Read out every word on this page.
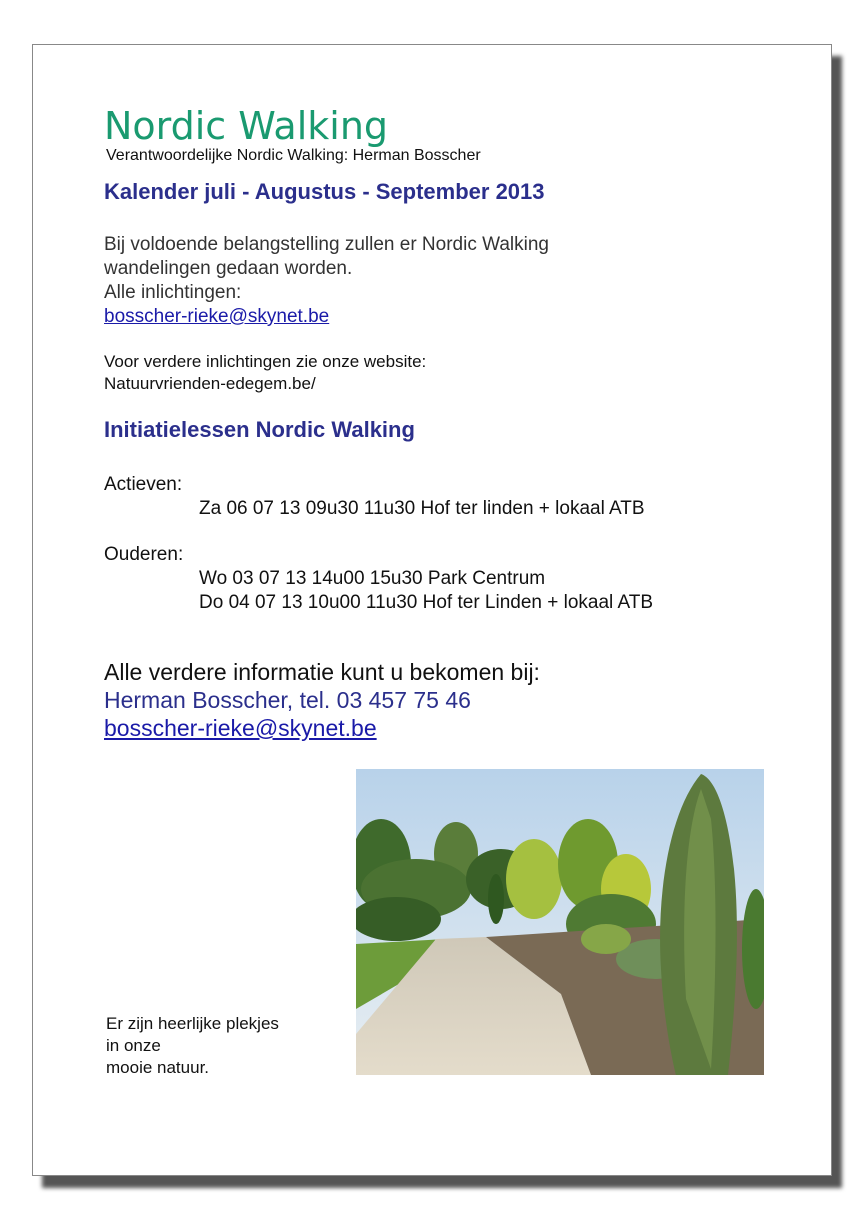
Nordic Walking
Verantwoordelijke Nordic Walking: Herman Bosscher
Kalender juli - Augustus - September 2013
Bij voldoende belangstelling zullen er Nordic Walking
wandelingen gedaan worden.
Alle inlichtingen:
bosscher-rieke@skynet.be
Voor verdere inlichtingen zie onze website:
Natuurvrienden-edegem.be/
Initiatielessen Nordic Walking
Actieven:
Za 06 07 13 09u30 11u30 Hof ter linden + lokaal ATB
Ouderen:
Wo 03 07 13 14u00 15u30 Park Centrum
Do 04 07 13 10u00 11u30 Hof ter Linden + lokaal ATB
Alle verdere informatie kunt u bekomen bij:
Herman Bosscher, tel. 03 457 75 46
bosscher-rieke@skynet.be
Er zijn heerlijke plekjes
in onze
mooie natuur.
